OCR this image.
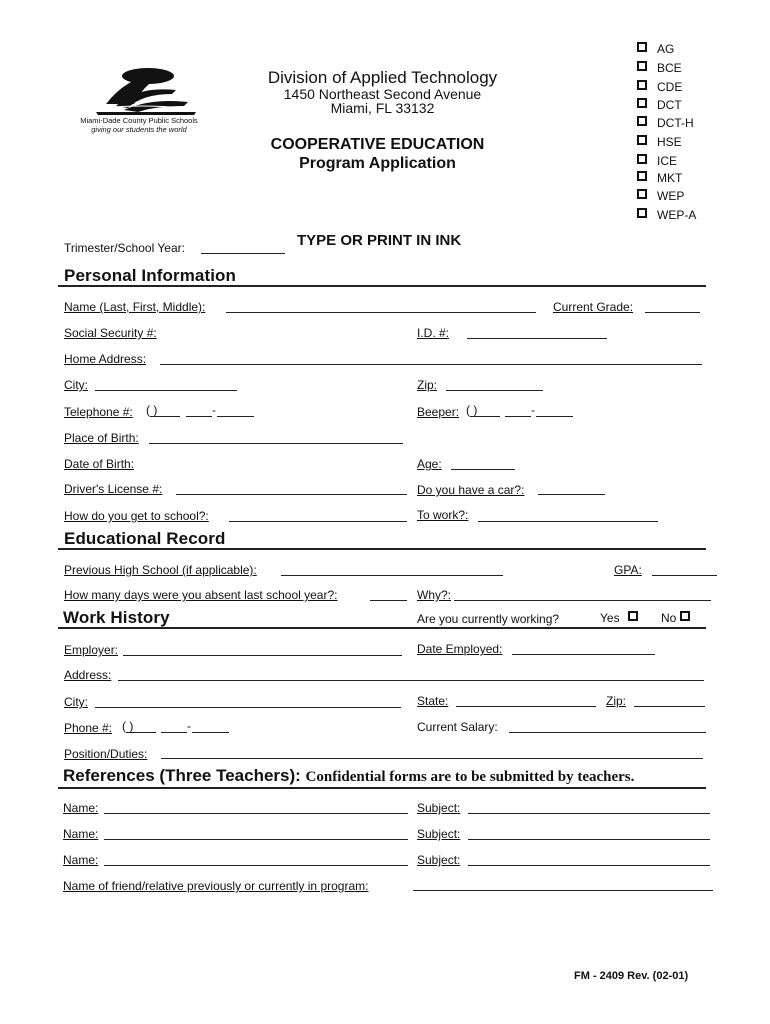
Miami-Dade County Public Schools
giving our students the world
Division of Applied Technology
1450 Northeast Second Avenue
Miami, FL 33132
COOPERATIVE EDUCATION
Program Application
AG
BCE
CDE
DCT
DCT-H
HSE
ICE
MKT
WEP
WEP-A
Trimester/School Year:	TYPE OR PRINT IN INK
Personal Information
Name (Last, First, Middle):	Current Grade:
Social Security #:	I.D. #:
Home Address:
City:	Zip:
Telephone #: ( )	-	Beeper: ( )	-
Place of Birth:
Date of Birth:	Age:
Driver's License #:	Do you have a car?:
How do you get to school?:	To work?:
Educational Record
Previous High School (if applicable):	GPA:
How many days were you absent last school year?:	Why?:
Work History	Are you currently working?	Yes	No
Employer:	Date Employed:
Address:
City:	State:	Zip:
Phone #: ( )	-	Current Salary:
Position/Duties:
References (Three Teachers): Confidential forms are to be submitted by teachers.
Name:	Subject:
Name:	Subject:
Name:	Subject:
Name of friend/relative previously or currently in program:
FM - 2409 Rev. (02-01)
